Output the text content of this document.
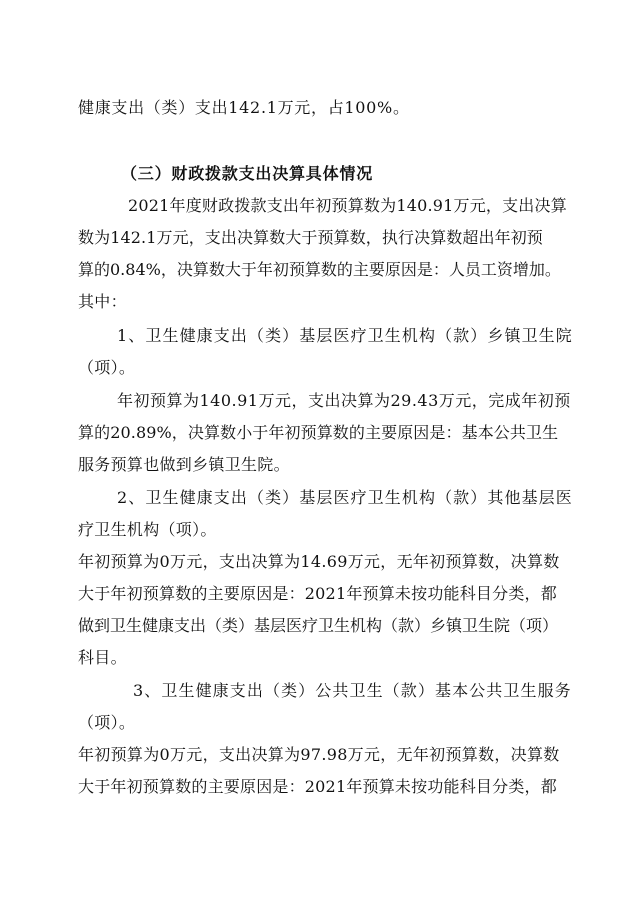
健康支出（类）支出142.1万元，占100%。
（三）财政拨款支出决算具体情况
2021年度财政拨款支出年初预算数为140.91万元，支出决算
数为142.1万元，支出决算数大于预算数，执行决算数超出年初预
算的0.84%，决算数大于年初预算数的主要原因是：人员工资增加。
其中：
1、卫生健康支出（类）基层医疗卫生机构（款）乡镇卫生院
（项）。
年初预算为140.91万元，支出决算为29.43万元，完成年初预
算的20.89%，决算数小于年初预算数的主要原因是：基本公共卫生
服务预算也做到乡镇卫生院。
2、卫生健康支出（类）基层医疗卫生机构（款）其他基层医
疗卫生机构（项）。
年初预算为0万元，支出决算为14.69万元，无年初预算数，决算数
大于年初预算数的主要原因是：2021年预算未按功能科目分类，都
做到卫生健康支出（类）基层医疗卫生机构（款）乡镇卫生院（项）
科目。
3、卫生健康支出（类）公共卫生（款）基本公共卫生服务
（项）。
年初预算为0万元，支出决算为97.98万元，无年初预算数，决算数
大于年初预算数的主要原因是：2021年预算未按功能科目分类，都
